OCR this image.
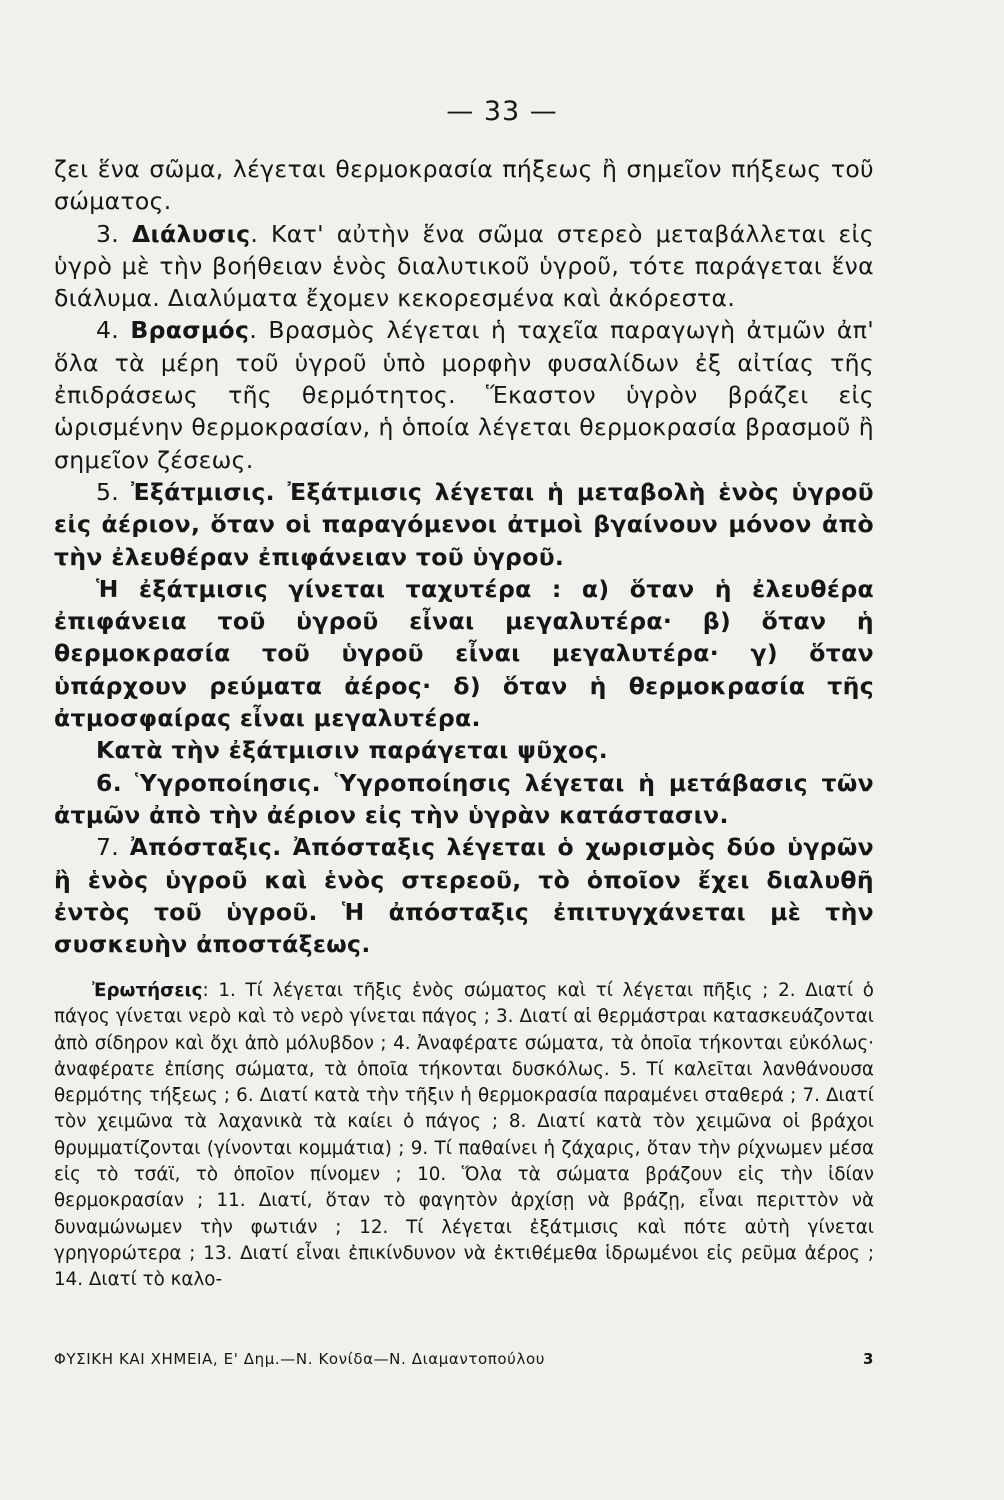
— 33 —

ζει ἕνα σῶμα, λέγεται θερμοκρασία πήξεως ἢ σημεῖον πήξεως τοῦ σώματος.

3. Διάλυσις. Κατ' αὐτὴν ἕνα σῶμα στερεὸ μεταβάλλεται εἰς ὑγρὸ μὲ τὴν βοήθειαν ἑνὸς διαλυτικοῦ ὑγροῦ, τότε παράγεται ἕνα διάλυμα. Διαλύματα ἔχομεν κεκορεσμένα καὶ ἀκόρεστα.

4. Βρασμός. Βρασμὸς λέγεται ἡ ταχεῖα παραγωγὴ ἀτμῶν ἀπ' ὅλα τὰ μέρη τοῦ ὑγροῦ ὑπὸ μορφὴν φυσαλίδων ἐξ αἰτίας τῆς ἐπιδράσεως τῆς θερμότητος. Ἕκαστον ὑγρὸν βράζει εἰς ὡρισμένην θερμοκρασίαν, ἡ ὁποία λέγεται θερμοκρασία βρασμοῦ ἢ σημεῖον ζέσεως.

5. Ἐξάτμισις. Ἐξάτμισις λέγεται ἡ μεταβολὴ ἑνὸς ὑγροῦ εἰς ἀέριον, ὅταν οἱ παραγόμενοι ἀτμοὶ βγαίνουν μόνον ἀπὸ τὴν ἐλευθέραν ἐπιφάνειαν τοῦ ὑγροῦ.

Ἡ ἐξάτμισις γίνεται ταχυτέρα : α) ὅταν ἡ ἐλευθέρα ἐπιφάνεια τοῦ ὑγροῦ εἶναι μεγαλυτέρα· β) ὅταν ἡ θερμοκρασία τοῦ ὑγροῦ εἶναι μεγαλυτέρα· γ) ὅταν ὑπάρχουν ρεύματα ἀέρος· δ) ὅταν ἡ θερμοκρασία τῆς ἀτμοσφαίρας εἶναι μεγαλυτέρα.

Κατὰ τὴν ἐξάτμισιν παράγεται ψῦχος.

6. Ὑγροποίησις. Ὑγροποίησις λέγεται ἡ μετάβασις τῶν ἀτμῶν ἀπὸ τὴν ἀέριον εἰς τὴν ὑγρὰν κατάστασιν.

7. Ἀπόσταξις. Ἀπόσταξις λέγεται ὁ χωρισμὸς δύο ὑγρῶν ἢ ἑνὸς ὑγροῦ καὶ ἑνὸς στερεοῦ, τὸ ὁποῖον ἔχει διαλυθῆ ἐντὸς τοῦ ὑγροῦ. Ἡ ἀπόσταξις ἐπιτυγχάνεται μὲ τὴν συσκευὴν ἀποστάξεως.

Ἐρωτήσεις: 1. Τί λέγεται τῆξις ἑνὸς σώματος καὶ τί λέγεται πῆξις ; 2. Διατί ὁ πάγος γίνεται νερὸ καὶ τὸ νερὸ γίνεται πάγος ; 3. Διατί αἱ θερμάστραι κατασκευάζονται ἀπὸ σίδηρον καὶ ὄχι ἀπὸ μόλυβδον ; 4. Ἀναφέρατε σώματα, τὰ ὁποῖα τήκονται εὐκόλως· ἀναφέρατε ἐπίσης σώματα, τὰ ὁποῖα τήκονται δυσκόλως. 5. Τί καλεῖται λανθάνουσα θερμότης τήξεως ; 6. Διατί κατὰ τὴν τῆξιν ἡ θερμοκρασία παραμένει σταθερά ; 7. Διατί τὸν χειμῶνα τὰ λαχανικὰ τὰ καίει ὁ πάγος ; 8. Διατί κατὰ τὸν χειμῶνα οἱ βράχοι θρυμματίζονται (γίνονται κομμάτια) ; 9. Τί παθαίνει ἡ ζάχαρις, ὅταν τὴν ρίχνωμεν μέσα εἰς τὸ τσάϊ, τὸ ὁποῖον πίνομεν ; 10. Ὅλα τὰ σώματα βράζουν εἰς τὴν ἰδίαν θερμοκρασίαν ; 11. Διατί, ὅταν τὸ φαγητὸν ἀρχίσῃ νὰ βράζῃ, εἶναι περιττὸν νὰ δυναμώνωμεν τὴν φωτιάν ; 12. Τί λέγεται ἐξάτμισις καὶ πότε αὐτὴ γίνεται γρηγορώτερα ; 13. Διατί εἶναι ἐπικίνδυνον νὰ ἐκτιθέμεθα ἱδρωμένοι εἰς ρεῦμα ἀέρος ; 14. Διατί τὸ καλο-

ΦΥΣΙΚΗ ΚΑΙ ΧΗΜΕΙΑ, Ε' Δημ.—Ν. Κονίδα—Ν. Διαμαντοπούλου	3
